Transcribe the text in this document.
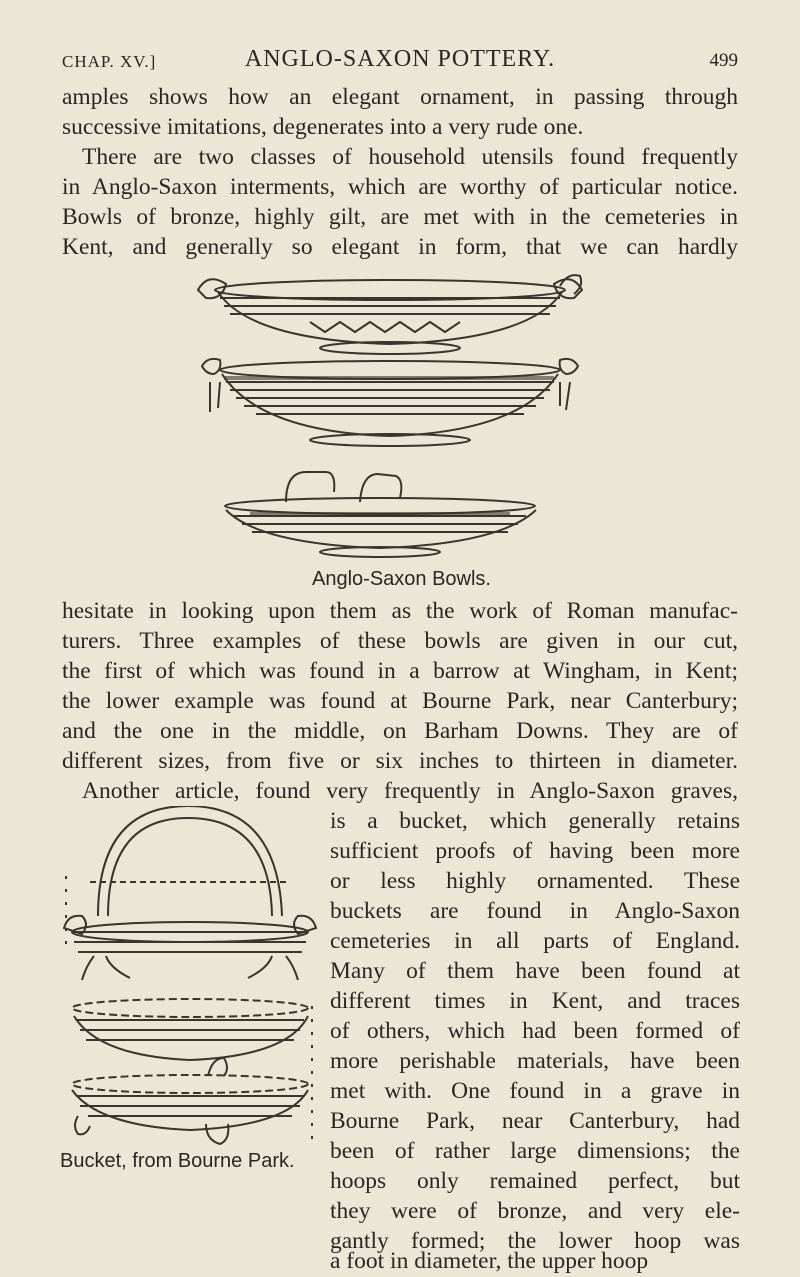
CHAP. XV.]	ANGLO-SAXON POTTERY.	499
amples shows how an elegant ornament, in passing through
successive imitations, degenerates into a very rude one.
There are two classes of household utensils found frequently
in Anglo-Saxon interments, which are worthy of particular notice.
Bowls of bronze, highly gilt, are met with in the cemeteries in
Kent, and generally so elegant in form, that we can hardly
Anglo-Saxon Bowls.
hesitate in looking upon them as the work of Roman manufac-
turers. Three examples of these bowls are given in our cut,
the first of which was found in a barrow at Wingham, in Kent;
the lower example was found at Bourne Park, near Canterbury;
and the one in the middle, on Barham Downs. They are of
different sizes, from five or six inches to thirteen in diameter.
Another article, found very frequently in Anglo-Saxon graves,
Bucket, from Bourne Park.
is a bucket, which generally retains
sufficient proofs of having been more
or less highly ornamented. These
buckets are found in Anglo-Saxon
cemeteries in all parts of England.
Many of them have been found at
different times in Kent, and traces
of others, which had been formed of
more perishable materials, have been
met with. One found in a grave in
Bourne Park, near Canterbury, had
been of rather large dimensions; the
hoops only remained perfect, but
they were of bronze, and very ele-
gantly formed; the lower hoop was
a foot in diameter, the upper hoop
